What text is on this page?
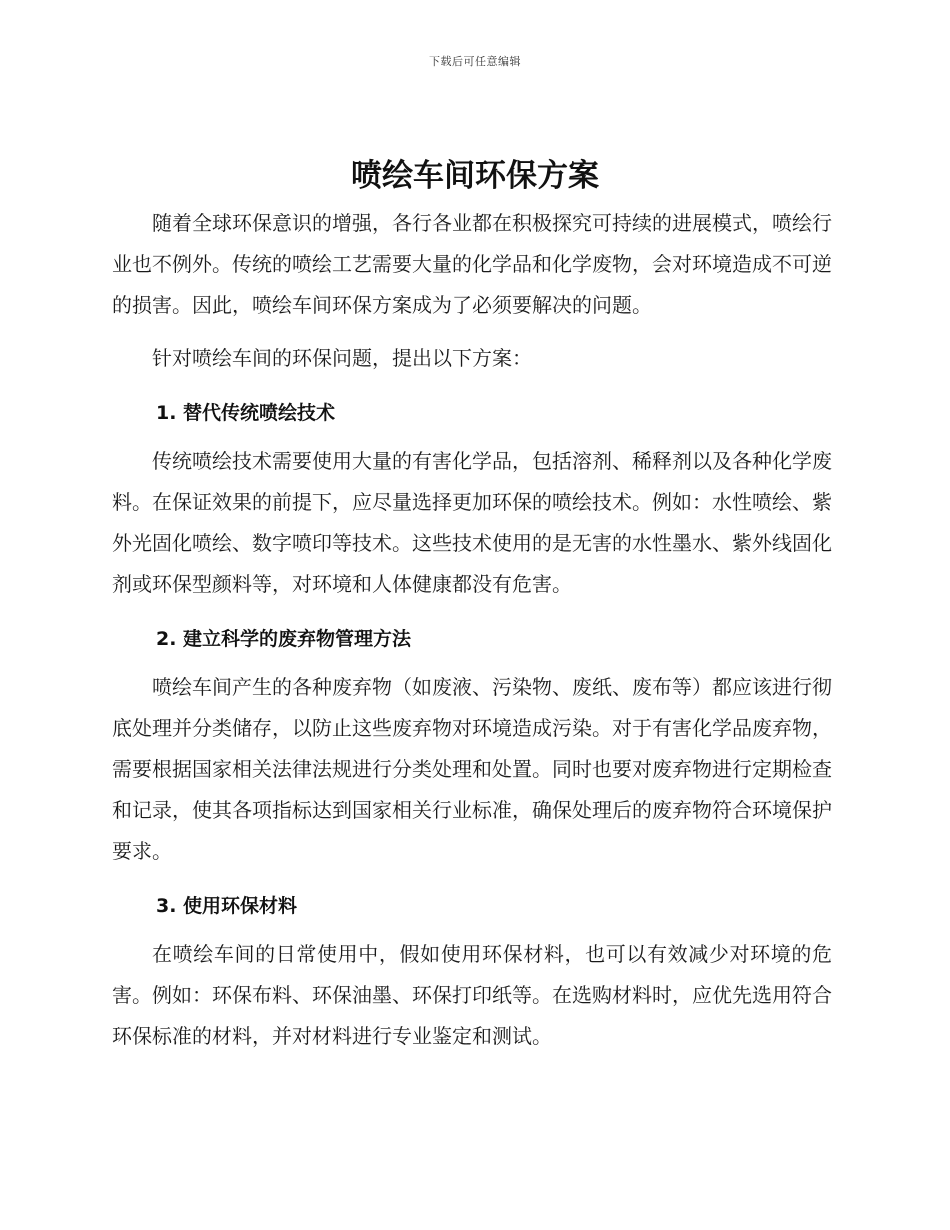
下载后可任意编辑
喷绘车间环保方案

随着全球环保意识的增强，各行各业都在积极探究可持续的进展模式，喷绘行业也不例外。传统的喷绘工艺需要大量的化学品和化学废物，会对环境造成不可逆的损害。因此，喷绘车间环保方案成为了必须要解决的问题。

针对喷绘车间的环保问题，提出以下方案：

1. 替代传统喷绘技术

传统喷绘技术需要使用大量的有害化学品，包括溶剂、稀释剂以及各种化学废料。在保证效果的前提下，应尽量选择更加环保的喷绘技术。例如：水性喷绘、紫外光固化喷绘、数字喷印等技术。这些技术使用的是无害的水性墨水、紫外线固化剂或环保型颜料等，对环境和人体健康都没有危害。

2. 建立科学的废弃物管理方法

喷绘车间产生的各种废弃物（如废液、污染物、废纸、废布等）都应该进行彻底处理并分类储存，以防止这些废弃物对环境造成污染。对于有害化学品废弃物，需要根据国家相关法律法规进行分类处理和处置。同时也要对废弃物进行定期检查和记录，使其各项指标达到国家相关行业标准，确保处理后的废弃物符合环境保护要求。

3. 使用环保材料

在喷绘车间的日常使用中，假如使用环保材料，也可以有效减少对环境的危害。例如：环保布料、环保油墨、环保打印纸等。在选购材料时，应优先选用符合环保标准的材料，并对材料进行专业鉴定和测试。
